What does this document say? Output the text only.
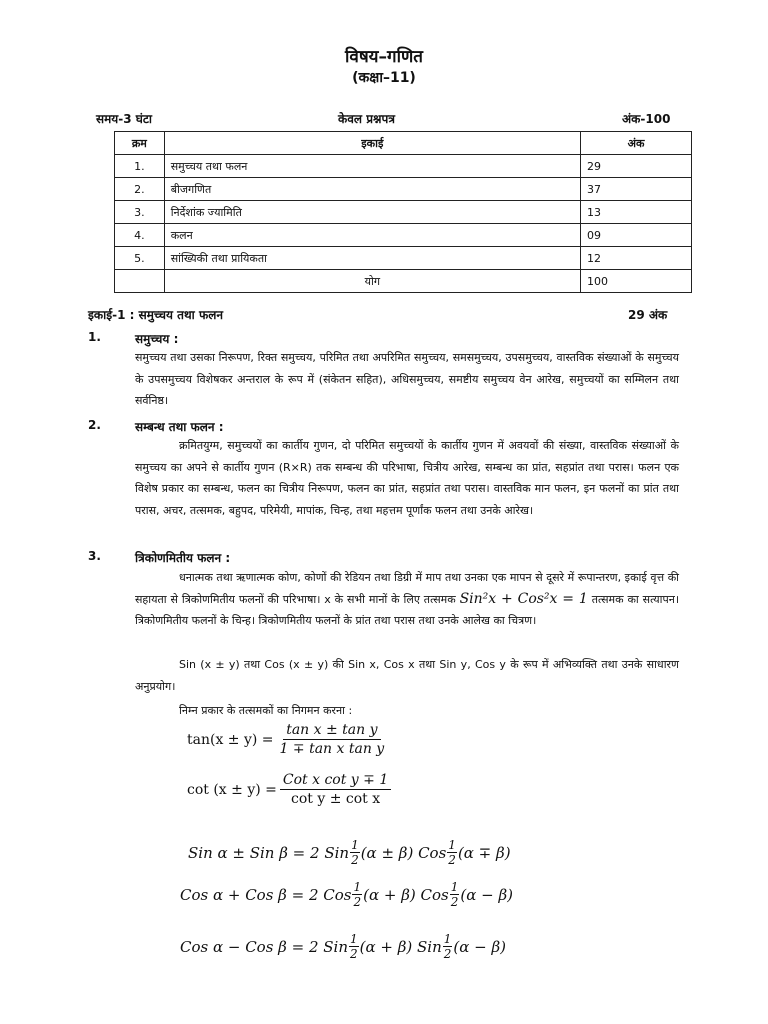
विषय–गणित
(कक्षा–11)
समय-3 घंटा	केवल प्रश्नपत्र	अंक-100
क्रम	इकाई	अंक
1.	समुच्चय तथा फलन	29
2.	बीजगणित	37
3.	निर्देशांक ज्यामिति	13
4.	कलन	09
5.	सांख्यिकी तथा प्रायिकता	12
	योग	100
इकाई-1 : समुच्चय तथा फलन	29 अंक
1.	समुच्चय :
समुच्चय तथा उसका निरूपण, रिक्त समुच्चय, परिमित तथा अपरिमित समुच्चय, समसमुच्चय, उपसमुच्चय, वास्तविक संख्याओं के समुच्चय के उपसमुच्चय विशेषकर अन्तराल के रूप में (संकेतन सहित), अधिसमुच्चय, समष्टीय समुच्चय वेन आरेख, समुच्चयों का सम्मिलन तथा सर्वनिष्ठ।
2.	सम्बन्ध तथा फलन :
क्रमितयुग्म, समुच्चयों का कार्तीय गुणन, दो परिमित समुच्चयों के कार्तीय गुणन में अवयवों की संख्या, वास्तविक संख्याओं के समुच्चय का अपने से कार्तीय गुणन (R×R) तक सम्बन्ध की परिभाषा, चित्रीय आरेख, सम्बन्ध का प्रांत, सहप्रांत तथा परास। फलन एक विशेष प्रकार का सम्बन्ध, फलन का चित्रीय निरूपण, फलन का प्रांत, सहप्रांत तथा परास। वास्तविक मान फलन, इन फलनों का प्रांत तथा परास, अचर, तत्समक, बहुपद, परिमेयी, मापांक, चिन्ह, तथा महत्तम पूर्णांक फलन तथा उनके आरेख।
3.	त्रिकोणमितीय फलन :
धनात्मक तथा ऋणात्मक कोण, कोणों की रेडियन तथा डिग्री में माप तथा उनका एक मापन से दूसरे में रूपान्तरण, इकाई वृत्त की सहायता से त्रिकोणमितीय फलनों की परिभाषा। x के सभी मानों के लिए तत्समक Sin²x + Cos²x = 1 तत्समक का सत्यापन। त्रिकोणमितीय फलनों के चिन्ह। त्रिकोणमितीय फलनों के प्रांत तथा परास तथा उनके आलेख का चित्रण।
Sin (x ± y) तथा Cos (x ± y) की Sin x, Cos x तथा Sin y, Cos y के रूप में अभिव्यक्ति तथा उनके साधारण अनुप्रयोग।
निम्न प्रकार के तत्समकों का निगमन करना :
$\tan(x \pm y) = \frac{\text{tan x ± tan y}}{\text{1 ∓ tan x tan y}}$
$\cot (x \pm y) = \frac{\text{Cot x cot y ∓ 1}}{\text{cot y ± cot x}}$
Sin α ± Sin β = 2 Sin $\frac{1}{2} (\alpha \pm \beta)$ Cos $\frac{1}{2} (\alpha \mp \beta)$
Cos α + Cos β = 2 Cos $\frac{1}{2} (\alpha + \beta)$ Cos $\frac{1}{2} (\alpha - \beta)$
Cos α − Cos β = 2 Sin $\frac{1}{2} (\alpha + \beta)$ Sin $\frac{1}{2} (\alpha - \beta)$
